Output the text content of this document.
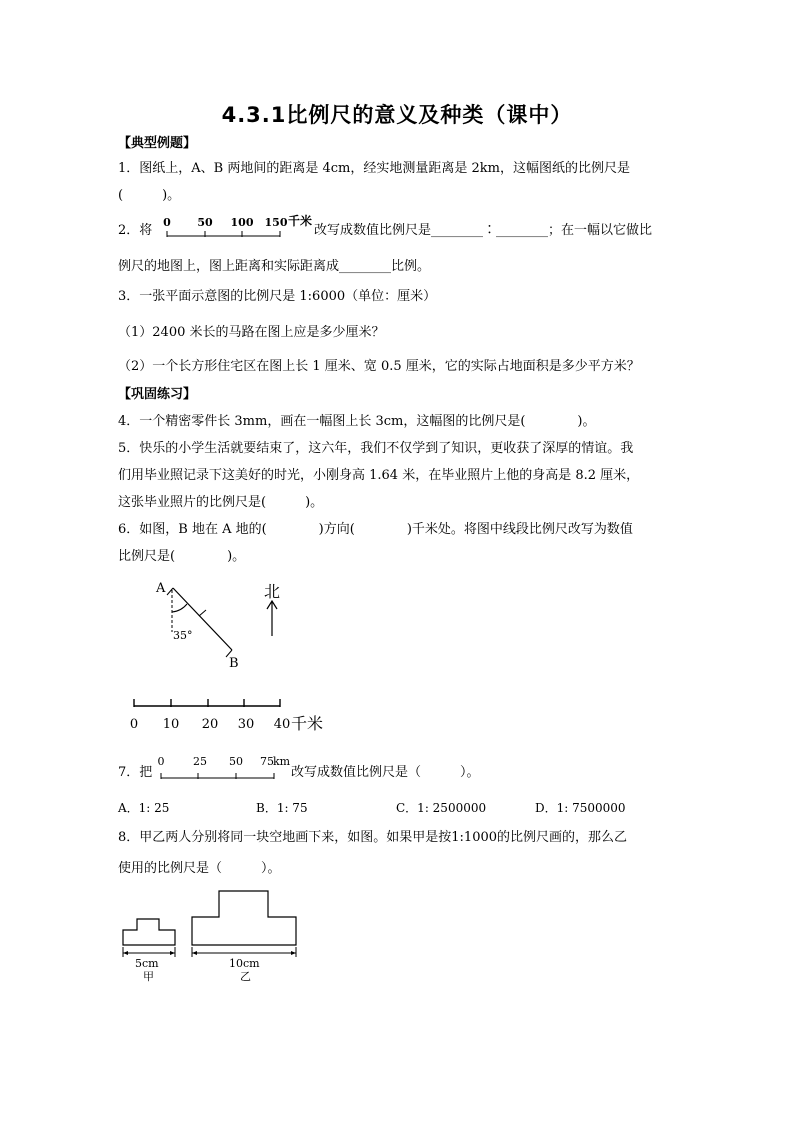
4.3.1比例尺的意义及种类（课中）
【典型例题】
1．图纸上，A、B 两地间的距离是 4cm，经实地测量距离是 2km，这幅图纸的比例尺是
(　　　)。
2．将
0 50 100 150 千米
改写成数值比例尺是________∶________；在一幅以它做比
例尺的地图上，图上距离和实际距离成________比例。
3．一张平面示意图的比例尺是 1:6000（单位：厘米）
（1）2400 米长的马路在图上应是多少厘米？
（2）一个长方形住宅区在图上长 1 厘米、宽 0.5 厘米，它的实际占地面积是多少平方米？
【巩固练习】
4．一个精密零件长 3mm，画在一幅图上长 3cm，这幅图的比例尺是(　　　　)。
5．快乐的小学生活就要结束了，这六年，我们不仅学到了知识，更收获了深厚的情谊。我
们用毕业照记录下这美好的时光，小刚身高 1.64 米，在毕业照片上他的身高是 8.2 厘米，
这张毕业照片的比例尺是(　　　)。
6．如图，B 地在 A 地的(　　　　)方向(　　　　)千米处。将图中线段比例尺改写为数值
比例尺是(　　　　)。
A
35°
B
北
0 10 20 30 40 千米
7．把
0	25 50 75 km
改写成数值比例尺是（　　　）。
A．1: 25	B．1: 75	C．1: 2500000	D．1: 7500000
8．甲乙两人分别将同一块空地画下来，如图。如果甲是按1:1000的比例尺画的，那么乙
使用的比例尺是（　　　）。
5cm
甲
10cm
乙
